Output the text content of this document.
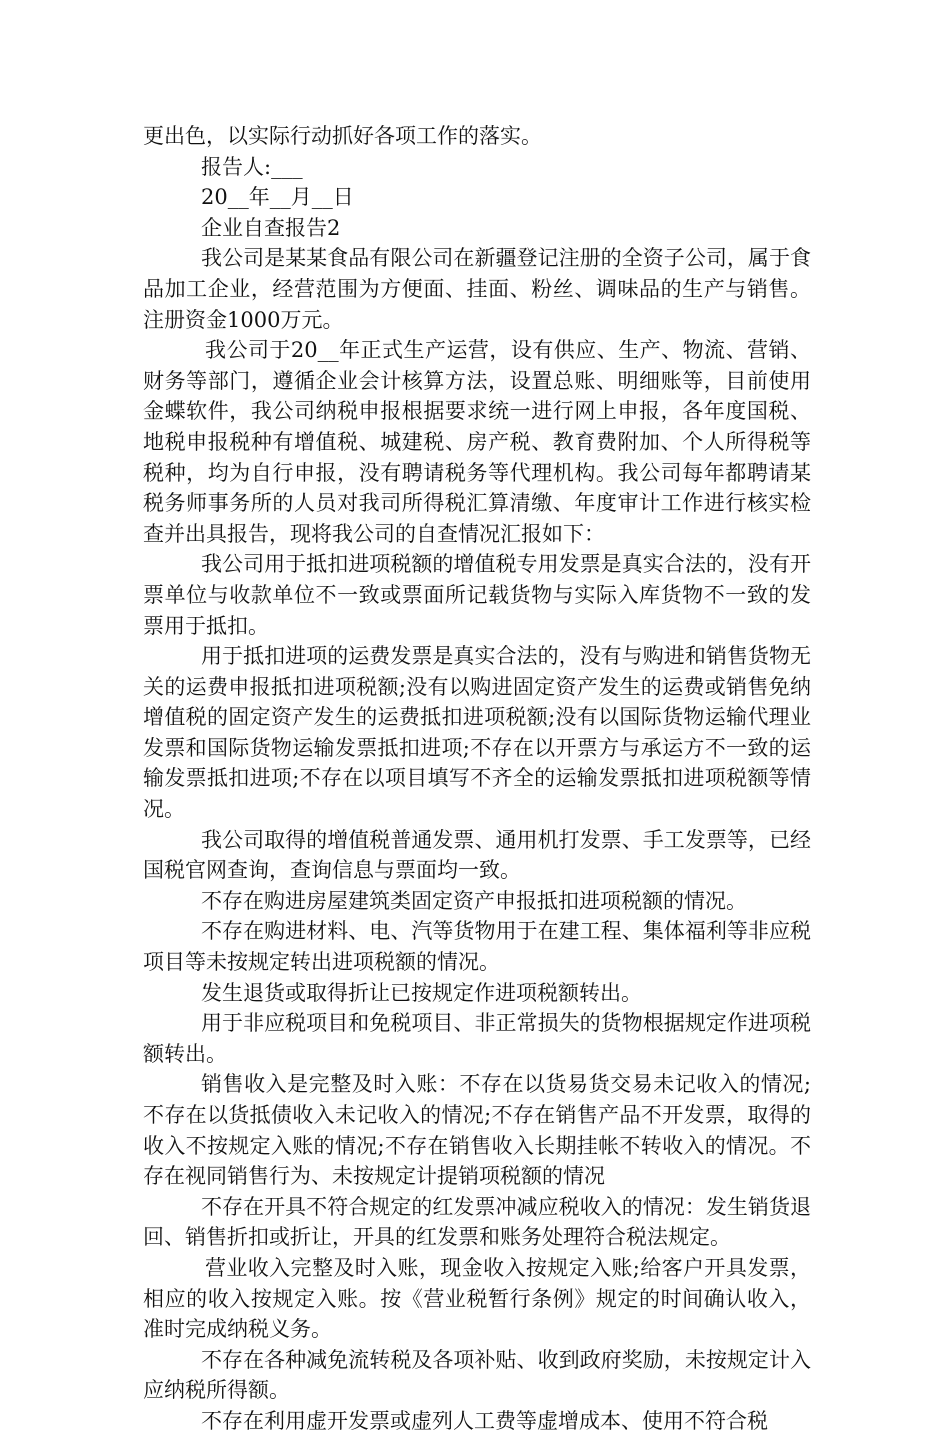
更出色，以实际行动抓好各项工作的落实。

报告人:___

20__年__月__日

企业自查报告2

我公司是某某食品有限公司在新疆登记注册的全资子公司，属于食品加工企业，经营范围为方便面、挂面、粉丝、调味品的生产与销售。注册资金1000万元。

我公司于20__年正式生产运营，设有供应、生产、物流、营销、财务等部门，遵循企业会计核算方法，设置总账、明细账等，目前使用金蝶软件，我公司纳税申报根据要求统一进行网上申报，各年度国税、地税申报税种有增值税、城建税、房产税、教育费附加、个人所得税等税种，均为自行申报，没有聘请税务等代理机构。我公司每年都聘请某税务师事务所的人员对我司所得税汇算清缴、年度审计工作进行核实检查并出具报告，现将我公司的自查情况汇报如下：

我公司用于抵扣进项税额的增值税专用发票是真实合法的，没有开票单位与收款单位不一致或票面所记载货物与实际入库货物不一致的发票用于抵扣。

用于抵扣进项的运费发票是真实合法的，没有与购进和销售货物无关的运费申报抵扣进项税额;没有以购进固定资产发生的运费或销售免纳增值税的固定资产发生的运费抵扣进项税额;没有以国际货物运输代理业发票和国际货物运输发票抵扣进项;不存在以开票方与承运方不一致的运输发票抵扣进项;不存在以项目填写不齐全的运输发票抵扣进项税额等情况。

我公司取得的增值税普通发票、通用机打发票、手工发票等，已经国税官网查询，查询信息与票面均一致。

不存在购进房屋建筑类固定资产申报抵扣进项税额的情况。

不存在购进材料、电、汽等货物用于在建工程、集体福利等非应税项目等未按规定转出进项税额的情况。

发生退货或取得折让已按规定作进项税额转出。

用于非应税项目和免税项目、非正常损失的货物根据规定作进项税额转出。

销售收入是完整及时入账：不存在以货易货交易未记收入的情况;不存在以货抵债收入未记收入的情况;不存在销售产品不开发票，取得的收入不按规定入账的情况;不存在销售收入长期挂帐不转收入的情况。不存在视同销售行为、未按规定计提销项税额的情况

不存在开具不符合规定的红发票冲减应税收入的情况：发生销货退回、销售折扣或折让，开具的红发票和账务处理符合税法规定。

营业收入完整及时入账，现金收入按规定入账;给客户开具发票，相应的收入按规定入账。按《营业税暂行条例》规定的时间确认收入，准时完成纳税义务。

不存在各种减免流转税及各项补贴、收到政府奖励，未按规定计入应纳税所得额。

不存在利用虚开发票或虚列人工费等虚增成本、使用不符合税
